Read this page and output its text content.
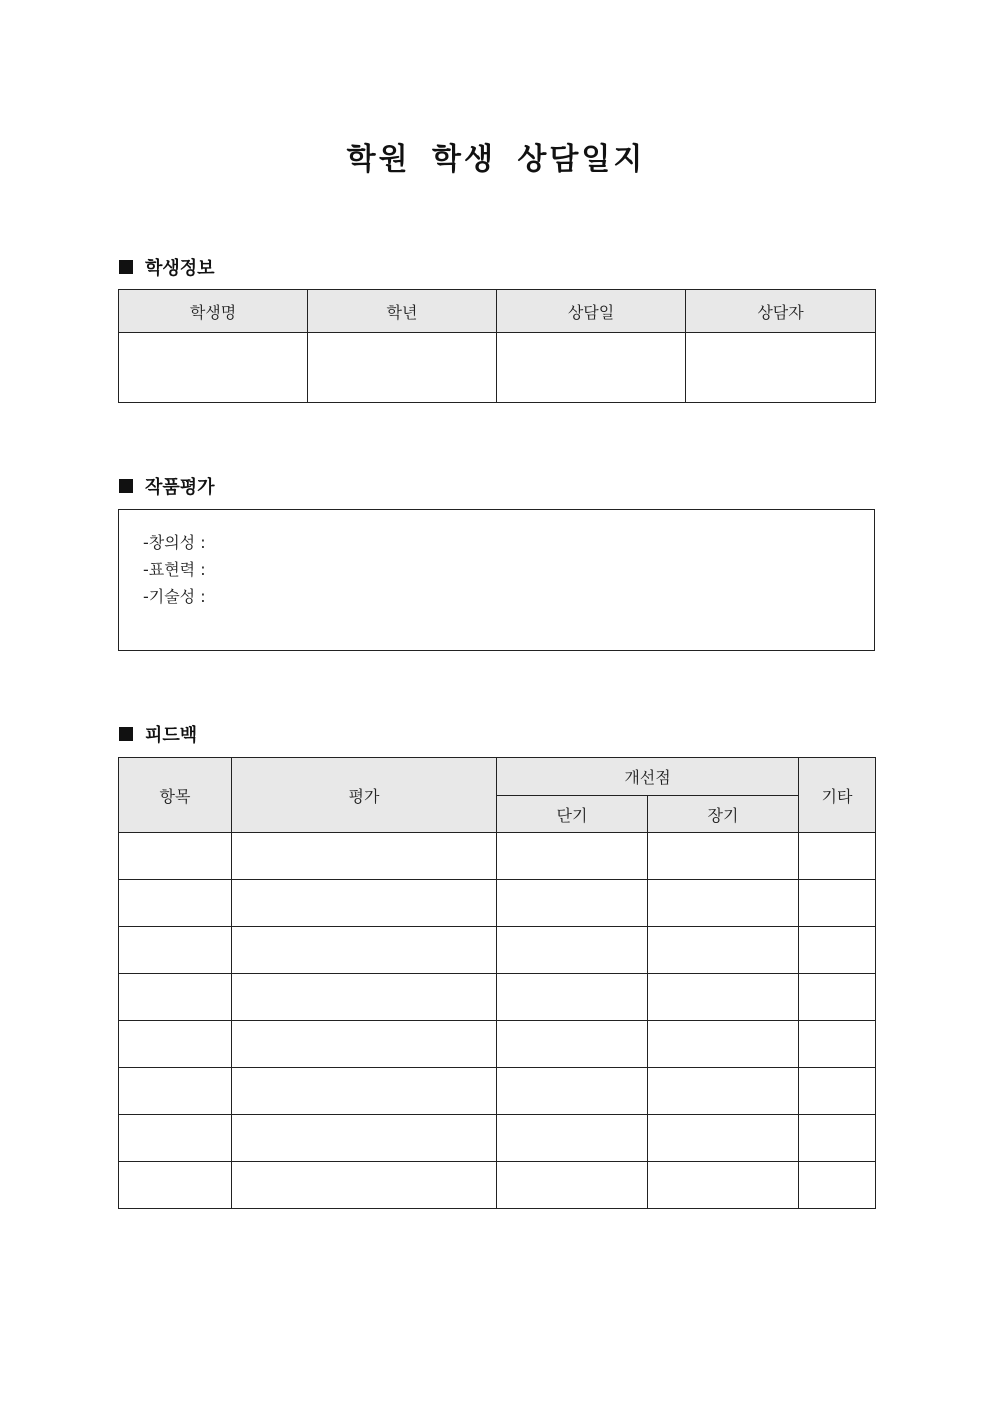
학원 학생 상담일지
학생정보
학생명	학년	상담일	상담자

작품평가
-창의성 :
-표현력 :
-기술성 :
피드백
항목	평가	개선점		기타
		단기	장기	
